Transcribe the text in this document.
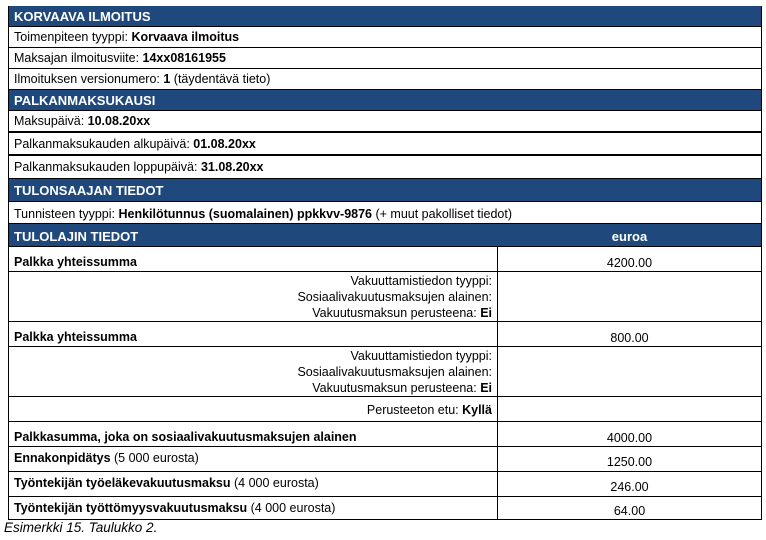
KORVAAVA ILMOITUS
Toimenpiteen tyyppi: Korvaava ilmoitus
Maksajan ilmoitusviite: 14xx08161955
Ilmoituksen versionumero: 1 (täydentävä tieto)
PALKANMAKSUKAUSI
Maksupäivä: 10.08.20xx
Palkanmaksukauden alkupäivä: 01.08.20xx
Palkanmaksukauden loppupäivä: 31.08.20xx
TULONSAAJAN TIEDOT
Tunnisteen tyyppi: Henkilötunnus (suomalainen) ppkkvv-9876 (+ muut pakolliset tiedot)
TULOLAJIN TIEDOT	euroa
Palkka yhteissumma	4200.00
Vakuuttamistiedon tyyppi:
Sosiaalivakuutusmaksujen alainen:
Vakuutusmaksun perusteena: Ei
Palkka yhteissumma	800.00
Vakuuttamistiedon tyyppi:
Sosiaalivakuutusmaksujen alainen:
Vakuutusmaksun perusteena: Ei
Perusteeton etu: Kyllä
Palkkasumma, joka on sosiaalivakuutusmaksujen alainen	4000.00
Ennakonpidätys (5 000 eurosta)	1250.00
Työntekijän työeläkevakuutusmaksu (4 000 eurosta)	246.00
Työntekijän työttömyysvakuutusmaksu (4 000 eurosta)	64.00
Esimerkki 15. Taulukko 2.
